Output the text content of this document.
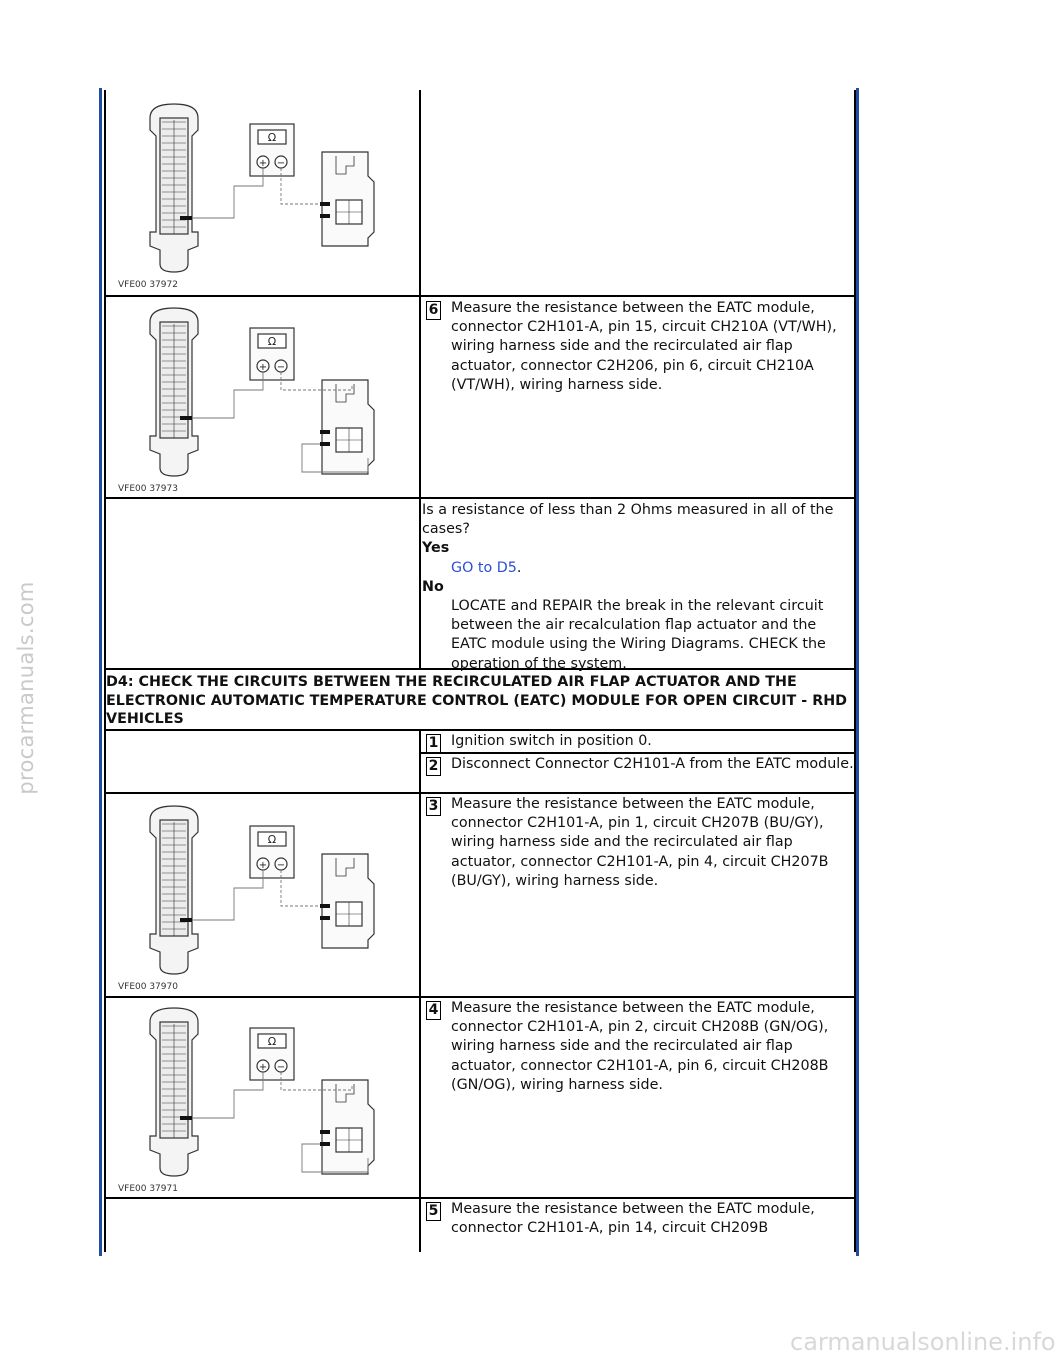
procarmanuals.com
Ω
+ −
VFE00 37972
Ω
+ −
VFE00 37973
Ω
+ −
VFE00 37970
Ω
+ −
VFE00 37971
6 Measure the resistance between the EATC module, connector C2H101-A, pin 15, circuit CH210A (VT/WH), wiring harness side and the recirculated air flap actuator, connector C2H206, pin 6, circuit CH210A (VT/WH), wiring harness side.
Is a resistance of less than 2 Ohms measured in all of the cases?
Yes
GO to D5.
No
LOCATE and REPAIR the break in the relevant circuit between the air recalculation flap actuator and the EATC module using the Wiring Diagrams. CHECK the operation of the system.
D4: CHECK THE CIRCUITS BETWEEN THE RECIRCULATED AIR FLAP ACTUATOR AND THE ELECTRONIC AUTOMATIC TEMPERATURE CONTROL (EATC) MODULE FOR OPEN CIRCUIT - RHD VEHICLES
1 Ignition switch in position 0.
2 Disconnect Connector C2H101-A from the EATC module.
3 Measure the resistance between the EATC module, connector C2H101-A, pin 1, circuit CH207B (BU/GY), wiring harness side and the recirculated air flap actuator, connector C2H101-A, pin 4, circuit CH207B (BU/GY), wiring harness side.
4 Measure the resistance between the EATC module, connector C2H101-A, pin 2, circuit CH208B (GN/OG), wiring harness side and the recirculated air flap actuator, connector C2H101-A, pin 6, circuit CH208B (GN/OG), wiring harness side.
5 Measure the resistance between the EATC module, connector C2H101-A, pin 14, circuit CH209B
carmanualsonline.info
